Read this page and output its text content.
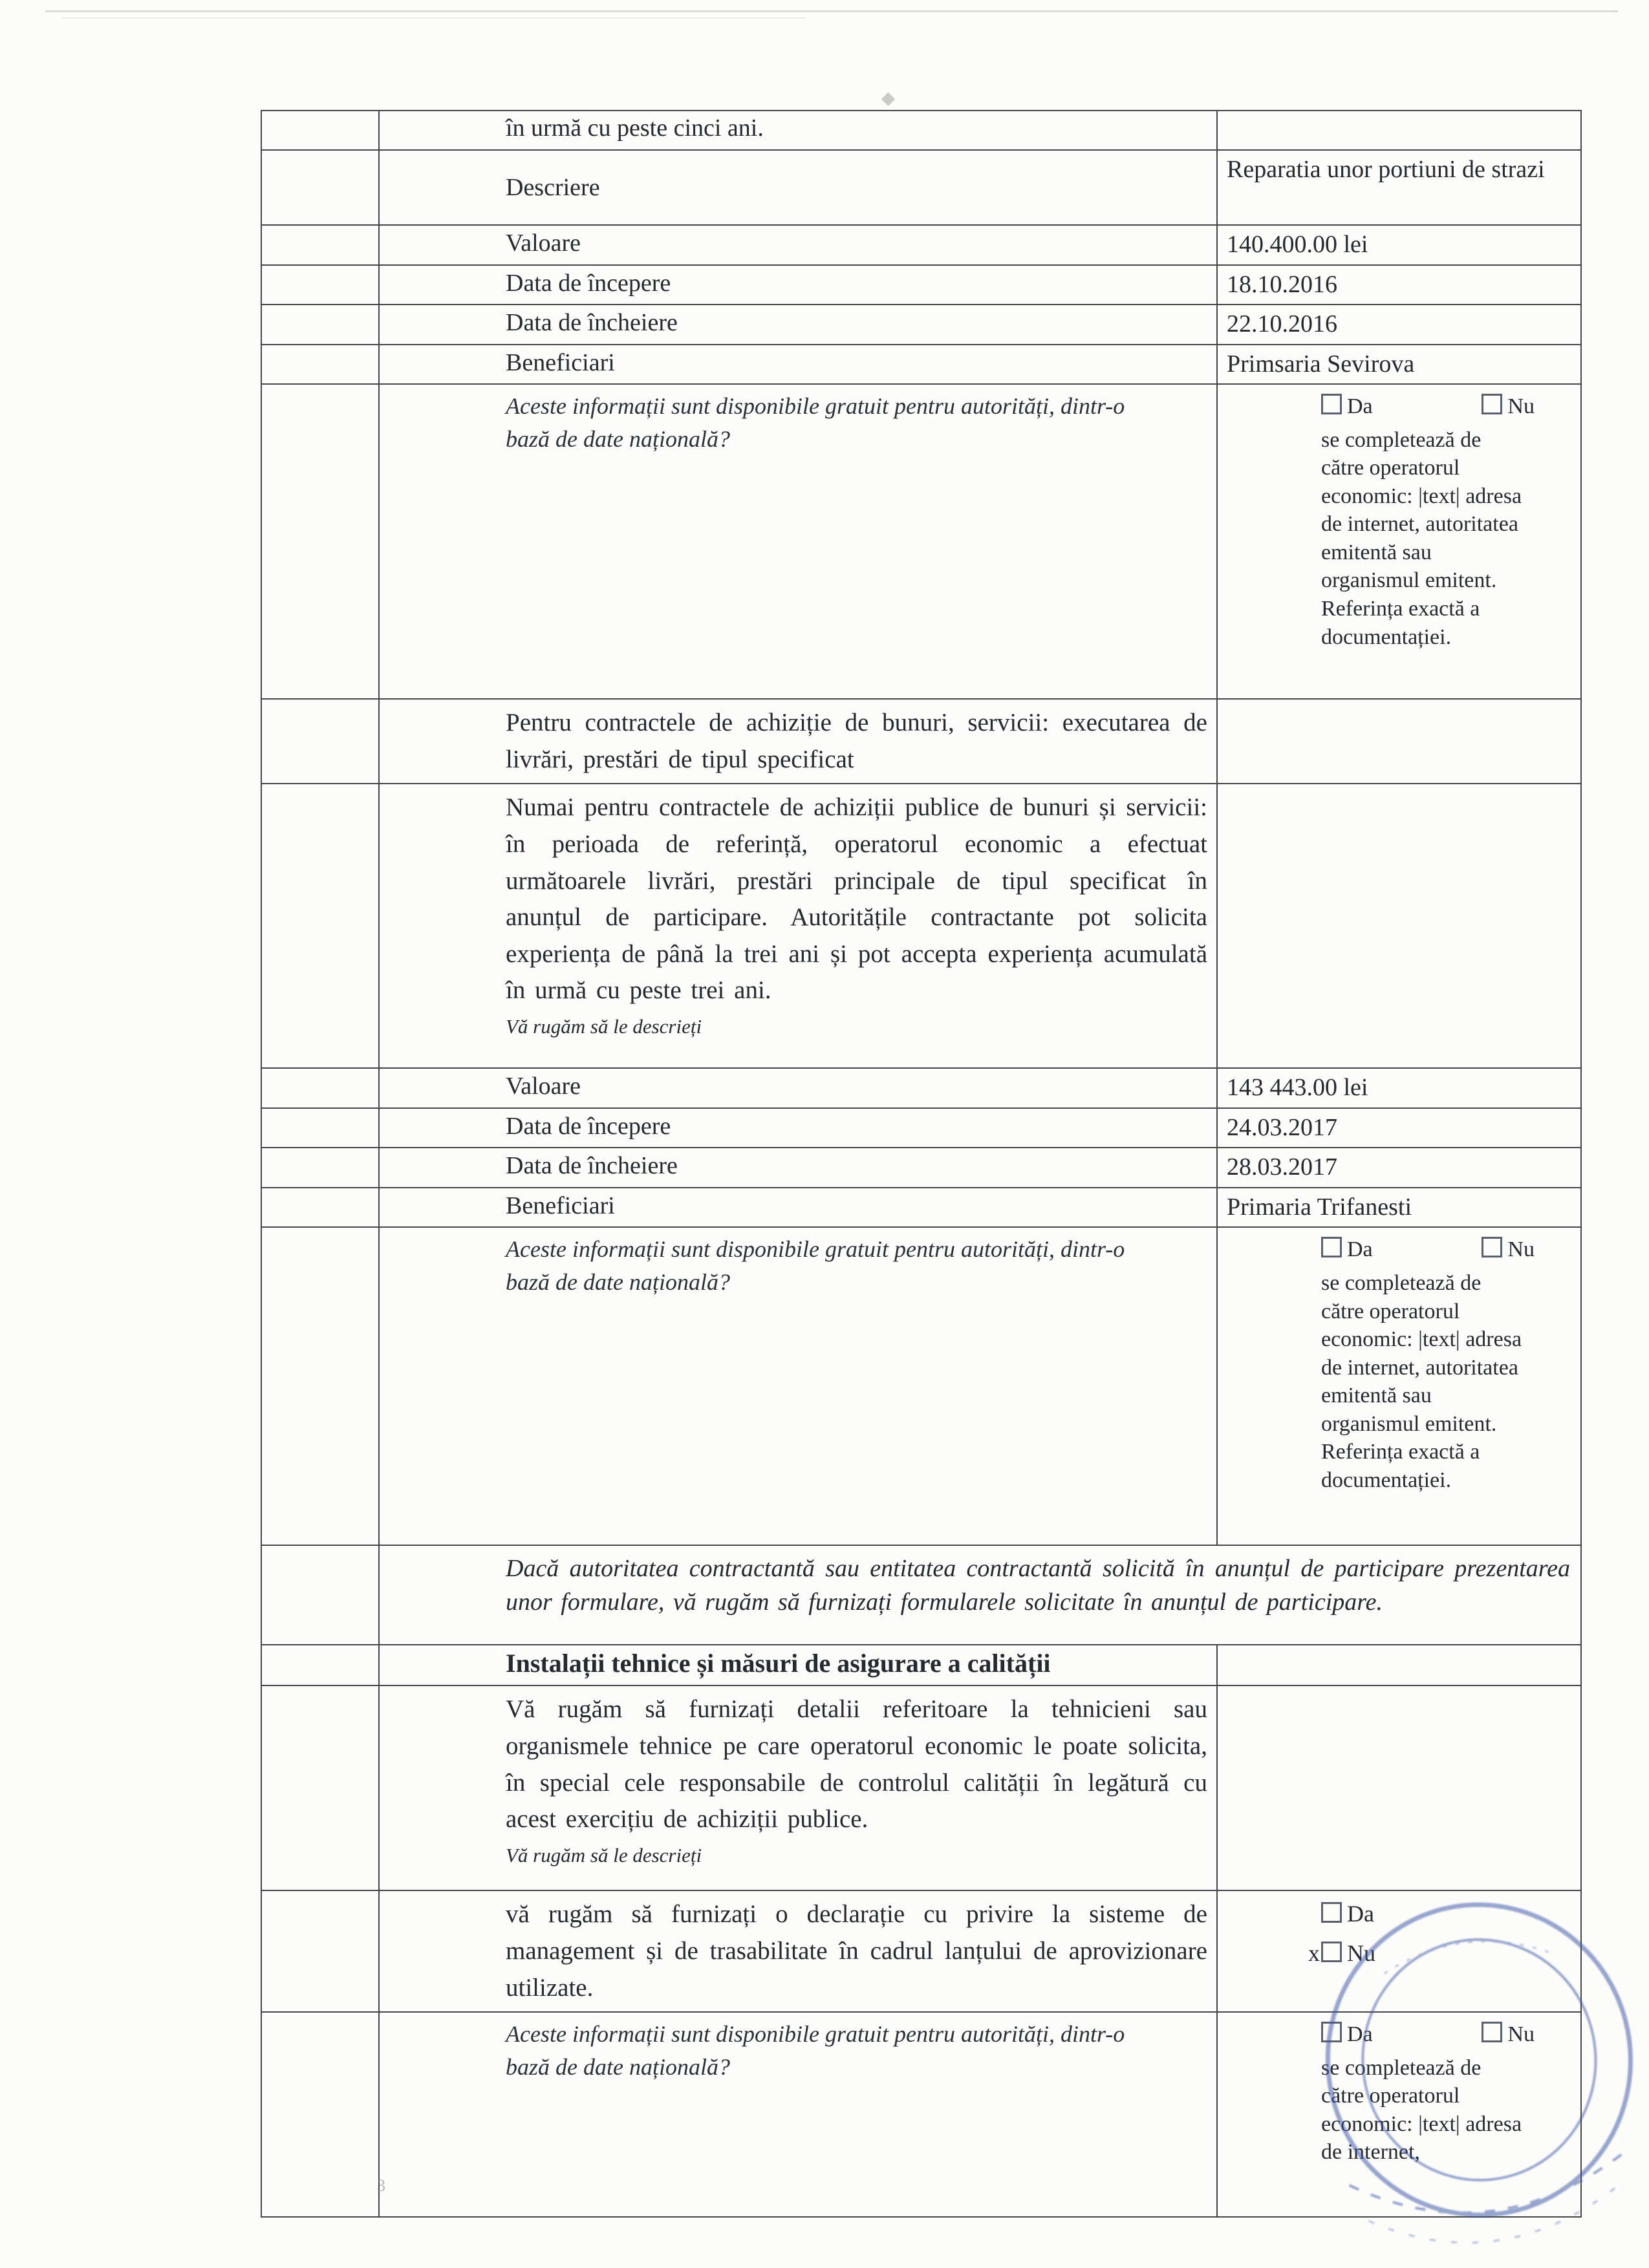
	în urmă cu peste cinci ani.	

	Descriere	Reparatia unor portiuni de strazi

	Valoare	140.400.00 lei

	Data de începere	18.10.2016

	Data de încheiere	22.10.2016

	Beneficiari	Primsaria Sevirova

	Aceste informații sunt disponibile gratuit pentru autorități, dintr-o bază de date națională?	Da Nu
se completează de către operatorul economic: |text| adresa de internet, autoritatea emitentă sau organismul emitent. Referința exactă a documentației.

	Pentru contractele de achiziție de bunuri, servicii: executarea de livrări, prestări de tipul specificat	

	Numai pentru contractele de achiziții publice de bunuri și servicii: în perioada de referință, operatorul economic a efectuat următoarele livrări, prestări principale de tipul specificat în anunțul de participare. Autoritățile contractante pot solicita experiența de până la trei ani și pot accepta experiența acumulată în urmă cu peste trei ani.
Vă rugăm să le descrieți	

	Valoare	143 443.00 lei

	Data de începere	24.03.2017

	Data de încheiere	28.03.2017

	Beneficiari	Primaria Trifanesti

	Aceste informații sunt disponibile gratuit pentru autorități, dintr-o bază de date națională?	Da Nu
se completează de către operatorul economic: |text| adresa de internet, autoritatea emitentă sau organismul emitent. Referința exactă a documentației.

	Dacă autoritatea contractantă sau entitatea contractantă solicită în anunțul de participare prezentarea unor formulare, vă rugăm să furnizați formularele solicitate în anunțul de participare.	

	Instalații tehnice și măsuri de asigurare a calității	

	Vă rugăm să furnizați detalii referitoare la tehnicieni sau organismele tehnice pe care operatorul economic le poate solicita, în special cele responsabile de controlul calității în legătură cu acest exercițiu de achiziții publice.
Vă rugăm să le descrieți	

	vă rugăm să furnizați o declarație cu privire la sisteme de management și de trasabilitate în cadrul lanțului de aprovizionare utilizate.	Da
x Nu

	Aceste informații sunt disponibile gratuit pentru autorități, dintr-o bază de date națională?	Da Nu
se completează de către operatorul economic: |text| adresa de internet,
3
